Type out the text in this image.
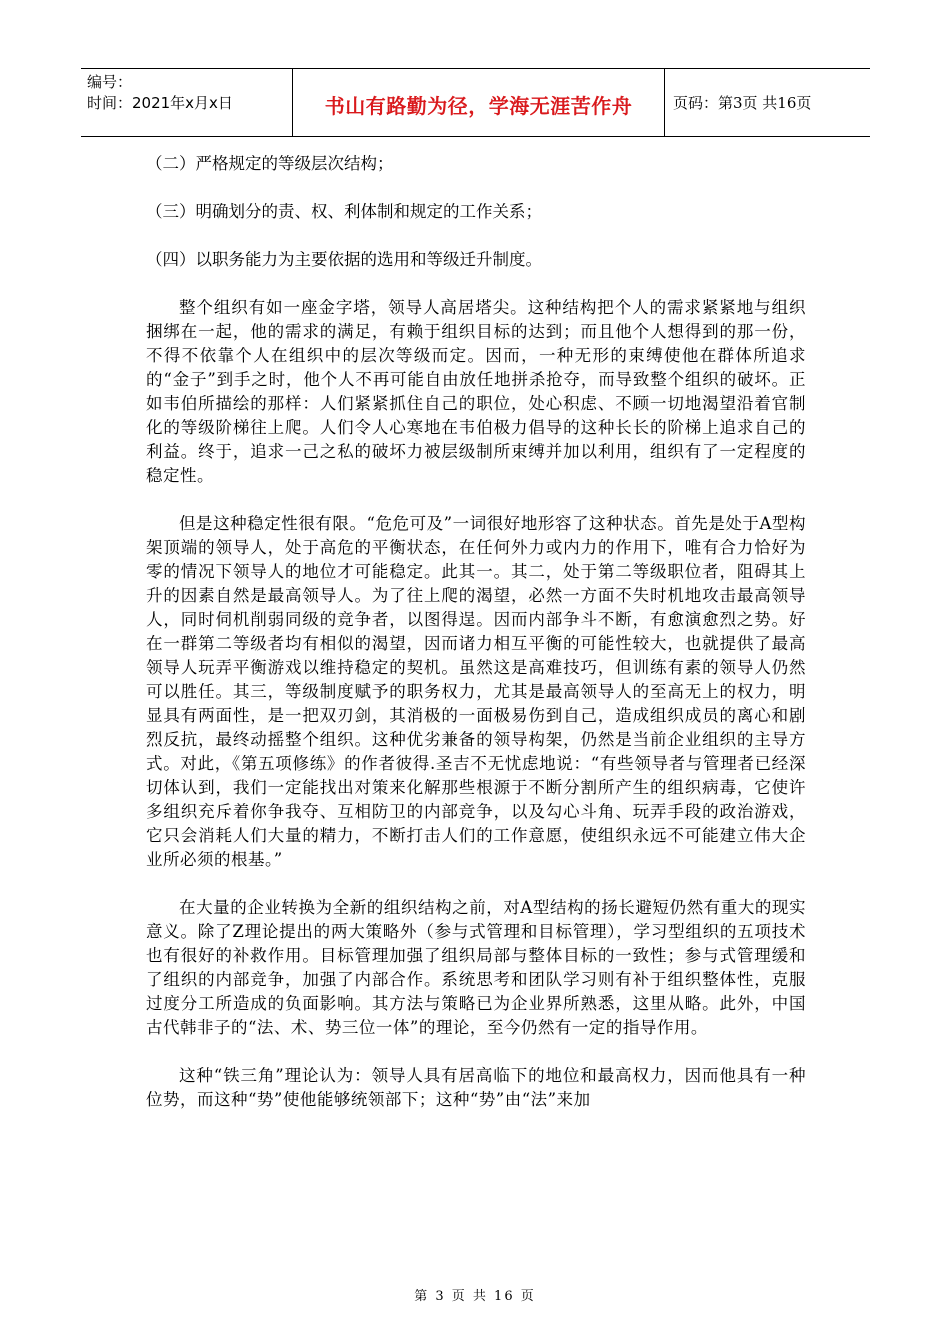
编号：
时间：2021年x月x日	书山有路勤为径，学海无涯苦作舟	页码：第3页 共16页
（二）严格规定的等级层次结构；
（三）明确划分的责、权、利体制和规定的工作关系；
（四）以职务能力为主要依据的选用和等级迁升制度。

整个组织有如一座金字塔，领导人高居塔尖。这种结构把个人的需求紧紧地与组织捆绑在一起，他的需求的满足，有赖于组织目标的达到；而且他个人想得到的那一份，不得不依靠个人在组织中的层次等级而定。因而，一种无形的束缚使他在群体所追求的“金子”到手之时，他个人不再可能自由放任地拼杀抢夺，而导致整个组织的破坏。正如韦伯所描绘的那样：人们紧紧抓住自己的职位，处心积虑、不顾一切地渴望沿着官制化的等级阶梯往上爬。人们令人心寒地在韦伯极力倡导的这种长长的阶梯上追求自己的利益。终于，追求一己之私的破坏力被层级制所束缚并加以利用，组织有了一定程度的稳定性。

但是这种稳定性很有限。“危危可及”一词很好地形容了这种状态。首先是处于A型构架顶端的领导人，处于高危的平衡状态，在任何外力或内力的作用下，唯有合力恰好为零的情况下领导人的地位才可能稳定。此其一。其二，处于第二等级职位者，阻碍其上升的因素自然是最高领导人。为了往上爬的渴望，必然一方面不失时机地攻击最高领导人，同时伺机削弱同级的竞争者，以图得逞。因而内部争斗不断，有愈演愈烈之势。好在一群第二等级者均有相似的渴望，因而诸力相互平衡的可能性较大，也就提供了最高领导人玩弄平衡游戏以维持稳定的契机。虽然这是高难技巧，但训练有素的领导人仍然可以胜任。其三，等级制度赋予的职务权力，尤其是最高领导人的至高无上的权力，明显具有两面性，是一把双刃剑，其消极的一面极易伤到自己，造成组织成员的离心和剧烈反抗，最终动摇整个组织。这种优劣兼备的领导构架，仍然是当前企业组织的主导方式。对此，《第五项修练》的作者彼得.圣吉不无忧虑地说：“有些领导者与管理者已经深切体认到，我们一定能找出对策来化解那些根源于不断分割所产生的组织病毒，它使许多组织充斥着你争我夺、互相防卫的内部竞争，以及勾心斗角、玩弄手段的政治游戏，它只会消耗人们大量的精力，不断打击人们的工作意愿，使组织永远不可能建立伟大企业所必须的根基。”

在大量的企业转换为全新的组织结构之前，对A型结构的扬长避短仍然有重大的现实意义。除了Z理论提出的两大策略外（参与式管理和目标管理），学习型组织的五项技术也有很好的补救作用。目标管理加强了组织局部与整体目标的一致性；参与式管理缓和了组织的内部竞争，加强了内部合作。系统思考和团队学习则有补于组织整体性，克服过度分工所造成的负面影响。其方法与策略已为企业界所熟悉，这里从略。此外，中国古代韩非子的“法、术、势三位一体”的理论，至今仍然有一定的指导作用。

这种“铁三角”理论认为：领导人具有居高临下的地位和最高权力，因而他具有一种位势，而这种“势”使他能够统领部下；这种“势”由“法”来加

第 3 页 共 16 页
